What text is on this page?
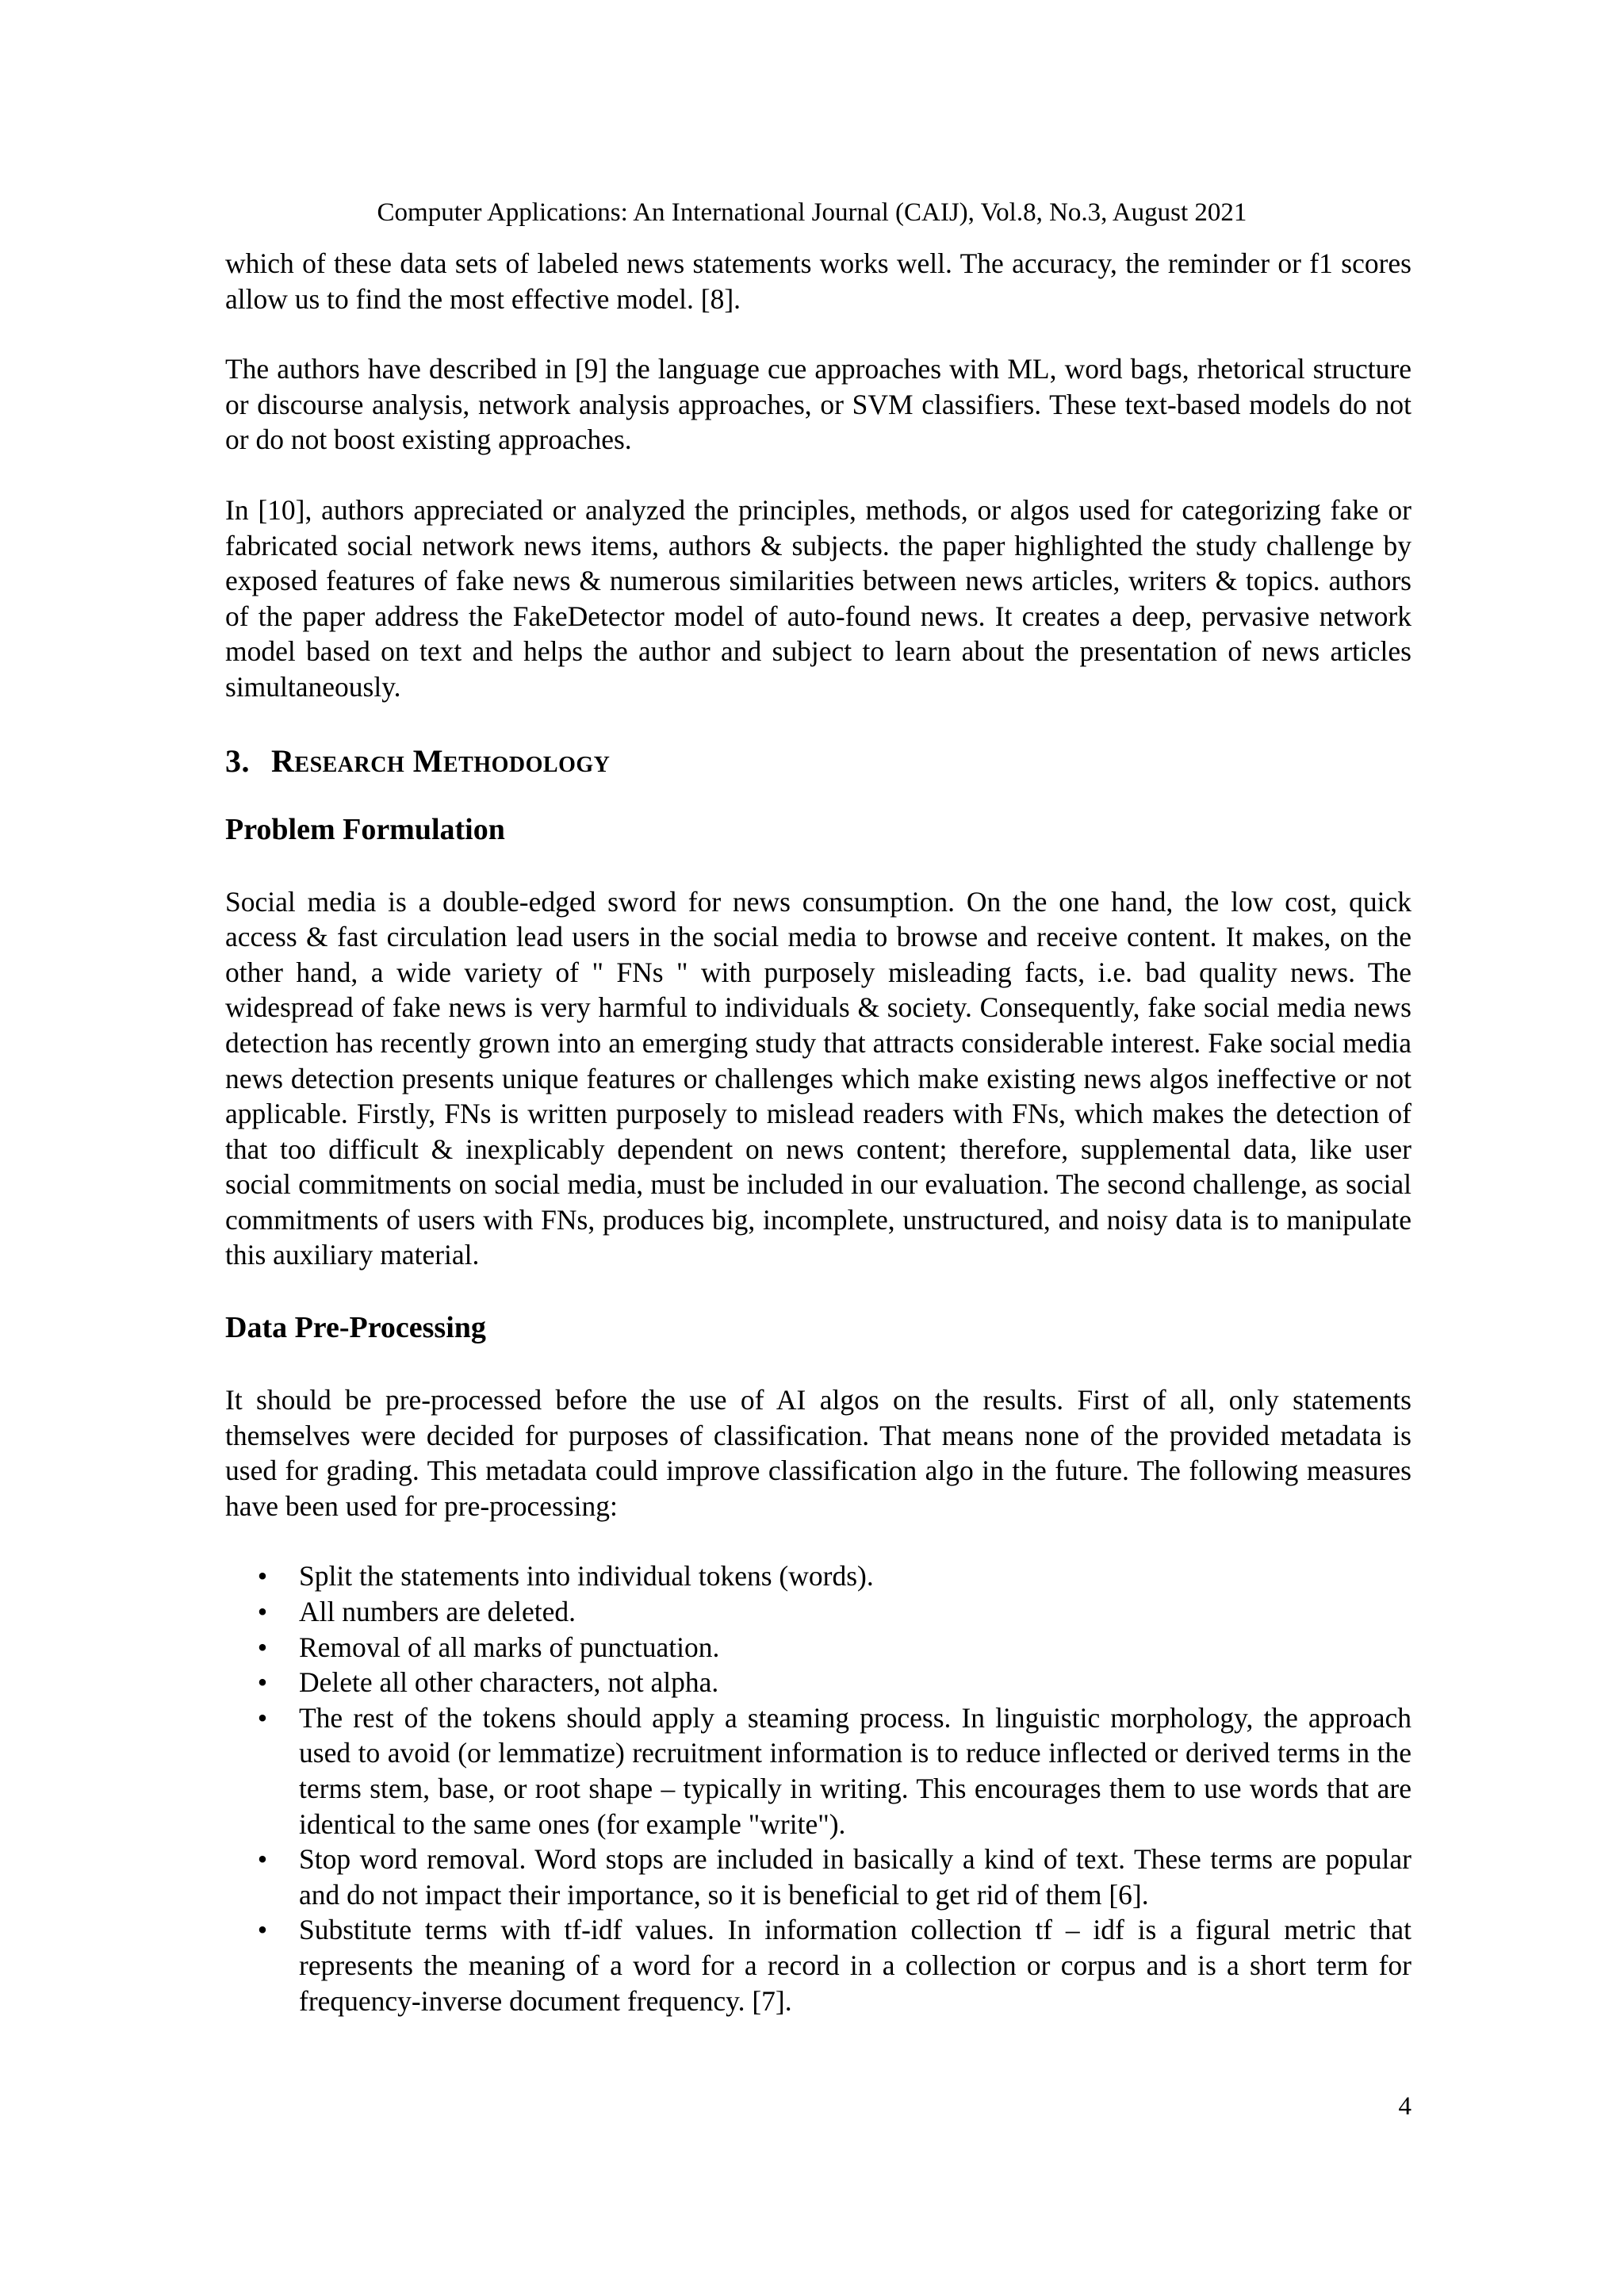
Computer Applications: An International Journal (CAIJ), Vol.8, No.3, August 2021

which of these data sets of labeled news statements works well. The accuracy, the reminder or f1 scores allow us to find the most effective model. [8].

The authors have described in [9] the language cue approaches with ML, word bags, rhetorical structure or discourse analysis, network analysis approaches, or SVM classifiers. These text-based models do not or do not boost existing approaches.

In [10], authors appreciated or analyzed the principles, methods, or algos used for categorizing fake or fabricated social network news items, authors & subjects. the paper highlighted the study challenge by exposed features of fake news & numerous similarities between news articles, writers & topics. authors of the paper address the FakeDetector model of auto-found news. It creates a deep, pervasive network model based on text and helps the author and subject to learn about the presentation of news articles simultaneously.

3. Research Methodology
Problem Formulation

Social media is a double-edged sword for news consumption. On the one hand, the low cost, quick access & fast circulation lead users in the social media to browse and receive content. It makes, on the other hand, a wide variety of " FNs " with purposely misleading facts, i.e. bad quality news. The widespread of fake news is very harmful to individuals & society. Consequently, fake social media news detection has recently grown into an emerging study that attracts considerable interest. Fake social media news detection presents unique features or challenges which make existing news algos ineffective or not applicable. Firstly, FNs is written purposely to mislead readers with FNs, which makes the detection of that too difficult & inexplicably dependent on news content; therefore, supplemental data, like user social commitments on social media, must be included in our evaluation. The second challenge, as social commitments of users with FNs, produces big, incomplete, unstructured, and noisy data is to manipulate this auxiliary material.

Data Pre-Processing

It should be pre-processed before the use of AI algos on the results. First of all, only statements themselves were decided for purposes of classification. That means none of the provided metadata is used for grading. This metadata could improve classification algo in the future. The following measures have been used for pre-processing:

• Split the statements into individual tokens (words).
• All numbers are deleted.
• Removal of all marks of punctuation.
• Delete all other characters, not alpha.
• The rest of the tokens should apply a steaming process. In linguistic morphology, the approach used to avoid (or lemmatize) recruitment information is to reduce inflected or derived terms in the terms stem, base, or root shape – typically in writing. This encourages them to use words that are identical to the same ones (for example "write").
• Stop word removal. Word stops are included in basically a kind of text. These terms are popular and do not impact their importance, so it is beneficial to get rid of them [6].
• Substitute terms with tf-idf values. In information collection tf – idf is a figural metric that represents the meaning of a word for a record in a collection or corpus and is a short term for frequency-inverse document frequency. [7].
4
